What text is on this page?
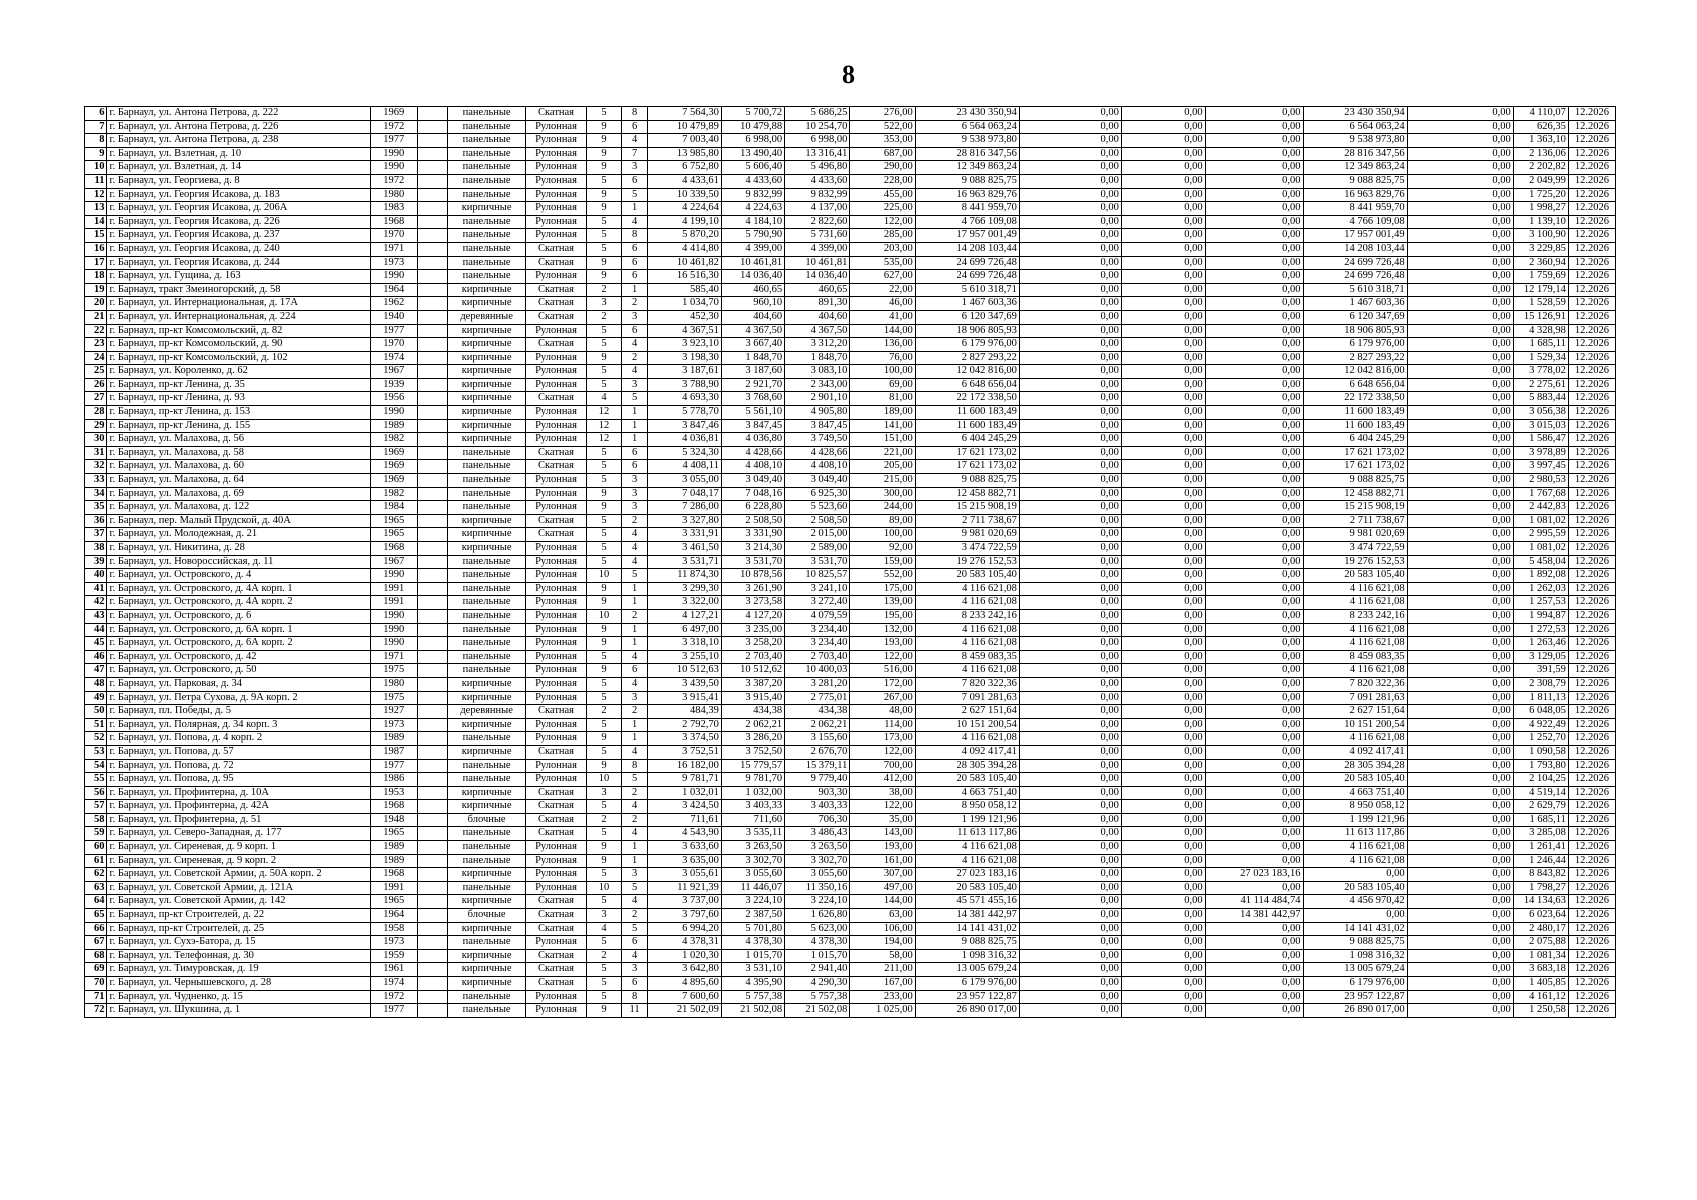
8
6	г. Барнаул, ул. Антона Петрова, д. 222	1969		панельные	Скатная	5	8	7 564,30	5 700,72	5 686,25	276,00	23 430 350,94	0,00	0,00	0,00	23 430 350,94	0,00	4 110,07	12.2026
7	г. Барнаул, ул. Антона Петрова, д. 226	1972		панельные	Рулонная	9	6	10 479,89	10 479,88	10 254,70	522,00	6 564 063,24	0,00	0,00	0,00	6 564 063,24	0,00	626,35	12.2026
8	г. Барнаул, ул. Антона Петрова, д. 238	1977		панельные	Рулонная	9	4	7 003,40	6 998,00	6 998,00	353,00	9 538 973,80	0,00	0,00	0,00	9 538 973,80	0,00	1 363,10	12.2026
9	г. Барнаул, ул. Взлетная, д. 10	1990		панельные	Рулонная	9	7	13 985,80	13 490,40	13 316,41	687,00	28 816 347,56	0,00	0,00	0,00	28 816 347,56	0,00	2 136,06	12.2026
10	г. Барнаул, ул. Взлетная, д. 14	1990		панельные	Рулонная	9	3	6 752,80	5 606,40	5 496,80	290,00	12 349 863,24	0,00	0,00	0,00	12 349 863,24	0,00	2 202,82	12.2026
11	г. Барнаул, ул. Георгиева, д. 8	1972		панельные	Рулонная	5	6	4 433,61	4 433,60	4 433,60	228,00	9 088 825,75	0,00	0,00	0,00	9 088 825,75	0,00	2 049,99	12.2026
12	г. Барнаул, ул. Георгия Исакова, д. 183	1980		панельные	Рулонная	9	5	10 339,50	9 832,99	9 832,99	455,00	16 963 829,76	0,00	0,00	0,00	16 963 829,76	0,00	1 725,20	12.2026
13	г. Барнаул, ул. Георгия Исакова, д. 206А	1983		кирпичные	Рулонная	9	1	4 224,64	4 224,63	4 137,00	225,00	8 441 959,70	0,00	0,00	0,00	8 441 959,70	0,00	1 998,27	12.2026
14	г. Барнаул, ул. Георгия Исакова, д. 226	1968		панельные	Рулонная	5	4	4 199,10	4 184,10	2 822,60	122,00	4 766 109,08	0,00	0,00	0,00	4 766 109,08	0,00	1 139,10	12.2026
15	г. Барнаул, ул. Георгия Исакова, д. 237	1970		панельные	Рулонная	5	8	5 870,20	5 790,90	5 731,60	285,00	17 957 001,49	0,00	0,00	0,00	17 957 001,49	0,00	3 100,90	12.2026
16	г. Барнаул, ул. Георгия Исакова, д. 240	1971		панельные	Скатная	5	6	4 414,80	4 399,00	4 399,00	203,00	14 208 103,44	0,00	0,00	0,00	14 208 103,44	0,00	3 229,85	12.2026
17	г. Барнаул, ул. Георгия Исакова, д. 244	1973		панельные	Скатная	9	6	10 461,82	10 461,81	10 461,81	535,00	24 699 726,48	0,00	0,00	0,00	24 699 726,48	0,00	2 360,94	12.2026
18	г. Барнаул, ул. Гущина, д. 163	1990		панельные	Рулонная	9	6	16 516,30	14 036,40	14 036,40	627,00	24 699 726,48	0,00	0,00	0,00	24 699 726,48	0,00	1 759,69	12.2026
19	г. Барнаул, тракт Змеиногорский, д. 58	1964		кирпичные	Скатная	2	1	585,40	460,65	460,65	22,00	5 610 318,71	0,00	0,00	0,00	5 610 318,71	0,00	12 179,14	12.2026
20	г. Барнаул, ул. Интернациональная, д. 17А	1962		кирпичные	Скатная	3	2	1 034,70	960,10	891,30	46,00	1 467 603,36	0,00	0,00	0,00	1 467 603,36	0,00	1 528,59	12.2026
21	г. Барнаул, ул. Интернациональная, д. 224	1940		деревянные	Скатная	2	3	452,30	404,60	404,60	41,00	6 120 347,69	0,00	0,00	0,00	6 120 347,69	0,00	15 126,91	12.2026
22	г. Барнаул, пр-кт Комсомольский, д. 82	1977		кирпичные	Рулонная	5	6	4 367,51	4 367,50	4 367,50	144,00	18 906 805,93	0,00	0,00	0,00	18 906 805,93	0,00	4 328,98	12.2026
23	г. Барнаул, пр-кт Комсомольский, д. 90	1970		кирпичные	Скатная	5	4	3 923,10	3 667,40	3 312,20	136,00	6 179 976,00	0,00	0,00	0,00	6 179 976,00	0,00	1 685,11	12.2026
24	г. Барнаул, пр-кт Комсомольский, д. 102	1974		кирпичные	Рулонная	9	2	3 198,30	1 848,70	1 848,70	76,00	2 827 293,22	0,00	0,00	0,00	2 827 293,22	0,00	1 529,34	12.2026
25	г. Барнаул, ул. Короленко, д. 62	1967		кирпичные	Рулонная	5	4	3 187,61	3 187,60	3 083,10	100,00	12 042 816,00	0,00	0,00	0,00	12 042 816,00	0,00	3 778,02	12.2026
26	г. Барнаул, пр-кт Ленина, д. 35	1939		кирпичные	Рулонная	5	3	3 788,90	2 921,70	2 343,00	69,00	6 648 656,04	0,00	0,00	0,00	6 648 656,04	0,00	2 275,61	12.2026
27	г. Барнаул, пр-кт Ленина, д. 93	1956		кирпичные	Скатная	4	5	4 693,30	3 768,60	2 901,10	81,00	22 172 338,50	0,00	0,00	0,00	22 172 338,50	0,00	5 883,44	12.2026
28	г. Барнаул, пр-кт Ленина, д. 153	1990		кирпичные	Рулонная	12	1	5 778,70	5 561,10	4 905,80	189,00	11 600 183,49	0,00	0,00	0,00	11 600 183,49	0,00	3 056,38	12.2026
29	г. Барнаул, пр-кт Ленина, д. 155	1989		кирпичные	Рулонная	12	1	3 847,46	3 847,45	3 847,45	141,00	11 600 183,49	0,00	0,00	0,00	11 600 183,49	0,00	3 015,03	12.2026
30	г. Барнаул, ул. Малахова, д. 56	1982		кирпичные	Рулонная	12	1	4 036,81	4 036,80	3 749,50	151,00	6 404 245,29	0,00	0,00	0,00	6 404 245,29	0,00	1 586,47	12.2026
31	г. Барнаул, ул. Малахова, д. 58	1969		панельные	Скатная	5	6	5 324,30	4 428,66	4 428,66	221,00	17 621 173,02	0,00	0,00	0,00	17 621 173,02	0,00	3 978,89	12.2026
32	г. Барнаул, ул. Малахова, д. 60	1969		панельные	Скатная	5	6	4 408,11	4 408,10	4 408,10	205,00	17 621 173,02	0,00	0,00	0,00	17 621 173,02	0,00	3 997,45	12.2026
33	г. Барнаул, ул. Малахова, д. 64	1969		панельные	Рулонная	5	3	3 055,00	3 049,40	3 049,40	215,00	9 088 825,75	0,00	0,00	0,00	9 088 825,75	0,00	2 980,53	12.2026
34	г. Барнаул, ул. Малахова, д. 69	1982		панельные	Рулонная	9	3	7 048,17	7 048,16	6 925,30	300,00	12 458 882,71	0,00	0,00	0,00	12 458 882,71	0,00	1 767,68	12.2026
35	г. Барнаул, ул. Малахова, д. 122	1984		панельные	Рулонная	9	3	7 286,00	6 228,80	5 523,60	244,00	15 215 908,19	0,00	0,00	0,00	15 215 908,19	0,00	2 442,83	12.2026
36	г. Барнаул, пер. Малый Прудской, д. 40А	1965		кирпичные	Скатная	5	2	3 327,80	2 508,50	2 508,50	89,00	2 711 738,67	0,00	0,00	0,00	2 711 738,67	0,00	1 081,02	12.2026
37	г. Барнаул, ул. Молодежная, д. 21	1965		кирпичные	Скатная	5	4	3 331,91	3 331,90	2 015,00	100,00	9 981 020,69	0,00	0,00	0,00	9 981 020,69	0,00	2 995,59	12.2026
38	г. Барнаул, ул. Никитина, д. 28	1968		кирпичные	Рулонная	5	4	3 461,50	3 214,30	2 589,00	92,00	3 474 722,59	0,00	0,00	0,00	3 474 722,59	0,00	1 081,02	12.2026
39	г. Барнаул, ул. Новороссийская, д. 11	1967		панельные	Рулонная	5	4	3 531,71	3 531,70	3 531,70	159,00	19 276 152,53	0,00	0,00	0,00	19 276 152,53	0,00	5 458,04	12.2026
40	г. Барнаул, ул. Островского, д. 4	1990		панельные	Рулонная	10	5	11 874,30	10 878,56	10 825,57	552,00	20 583 105,40	0,00	0,00	0,00	20 583 105,40	0,00	1 892,08	12.2026
41	г. Барнаул, ул. Островского, д. 4А корп. 1	1991		панельные	Рулонная	9	1	3 299,30	3 261,90	3 241,10	175,00	4 116 621,08	0,00	0,00	0,00	4 116 621,08	0,00	1 262,03	12.2026
42	г. Барнаул, ул. Островского, д. 4А корп. 2	1991		панельные	Рулонная	9	1	3 322,00	3 273,58	3 272,40	139,00	4 116 621,08	0,00	0,00	0,00	4 116 621,08	0,00	1 257,53	12.2026
43	г. Барнаул, ул. Островского, д. 6	1990		панельные	Рулонная	10	2	4 127,21	4 127,20	4 079,59	195,00	8 233 242,16	0,00	0,00	0,00	8 233 242,16	0,00	1 994,87	12.2026
44	г. Барнаул, ул. Островского, д. 6А корп. 1	1990		панельные	Рулонная	9	1	6 497,00	3 235,00	3 234,40	132,00	4 116 621,08	0,00	0,00	0,00	4 116 621,08	0,00	1 272,53	12.2026
45	г. Барнаул, ул. Островского, д. 6А корп. 2	1990		панельные	Рулонная	9	1	3 318,10	3 258,20	3 234,40	193,00	4 116 621,08	0,00	0,00	0,00	4 116 621,08	0,00	1 263,46	12.2026
46	г. Барнаул, ул. Островского, д. 42	1971		панельные	Рулонная	5	4	3 255,10	2 703,40	2 703,40	122,00	8 459 083,35	0,00	0,00	0,00	8 459 083,35	0,00	3 129,05	12.2026
47	г. Барнаул, ул. Островского, д. 50	1975		панельные	Рулонная	9	6	10 512,63	10 512,62	10 400,03	516,00	4 116 621,08	0,00	0,00	0,00	4 116 621,08	0,00	391,59	12.2026
48	г. Барнаул, ул. Парковая, д. 34	1980		кирпичные	Рулонная	5	4	3 439,50	3 387,20	3 281,20	172,00	7 820 322,36	0,00	0,00	0,00	7 820 322,36	0,00	2 308,79	12.2026
49	г. Барнаул, ул. Петра Сухова, д. 9А корп. 2	1975		кирпичные	Рулонная	5	3	3 915,41	3 915,40	2 775,01	267,00	7 091 281,63	0,00	0,00	0,00	7 091 281,63	0,00	1 811,13	12.2026
50	г. Барнаул, пл. Победы, д. 5	1927		деревянные	Скатная	2	2	484,39	434,38	434,38	48,00	2 627 151,64	0,00	0,00	0,00	2 627 151,64	0,00	6 048,05	12.2026
51	г. Барнаул, ул. Полярная, д. 34 корп. 3	1973		кирпичные	Рулонная	5	1	2 792,70	2 062,21	2 062,21	114,00	10 151 200,54	0,00	0,00	0,00	10 151 200,54	0,00	4 922,49	12.2026
52	г. Барнаул, ул. Попова, д. 4 корп. 2	1989		панельные	Рулонная	9	1	3 374,50	3 286,20	3 155,60	173,00	4 116 621,08	0,00	0,00	0,00	4 116 621,08	0,00	1 252,70	12.2026
53	г. Барнаул, ул. Попова, д. 57	1987		кирпичные	Скатная	5	4	3 752,51	3 752,50	2 676,70	122,00	4 092 417,41	0,00	0,00	0,00	4 092 417,41	0,00	1 090,58	12.2026
54	г. Барнаул, ул. Попова, д. 72	1977		панельные	Рулонная	9	8	16 182,00	15 779,57	15 379,11	700,00	28 305 394,28	0,00	0,00	0,00	28 305 394,28	0,00	1 793,80	12.2026
55	г. Барнаул, ул. Попова, д. 95	1986		панельные	Рулонная	10	5	9 781,71	9 781,70	9 779,40	412,00	20 583 105,40	0,00	0,00	0,00	20 583 105,40	0,00	2 104,25	12.2026
56	г. Барнаул, ул. Профинтерна, д. 10А	1953		кирпичные	Скатная	3	2	1 032,01	1 032,00	903,30	38,00	4 663 751,40	0,00	0,00	0,00	4 663 751,40	0,00	4 519,14	12.2026
57	г. Барнаул, ул. Профинтерна, д. 42А	1968		кирпичные	Скатная	5	4	3 424,50	3 403,33	3 403,33	122,00	8 950 058,12	0,00	0,00	0,00	8 950 058,12	0,00	2 629,79	12.2026
58	г. Барнаул, ул. Профинтерна, д. 51	1948		блочные	Скатная	2	2	711,61	711,60	706,30	35,00	1 199 121,96	0,00	0,00	0,00	1 199 121,96	0,00	1 685,11	12.2026
59	г. Барнаул, ул. Северо-Западная, д. 177	1965		панельные	Скатная	5	4	4 543,90	3 535,11	3 486,43	143,00	11 613 117,86	0,00	0,00	0,00	11 613 117,86	0,00	3 285,08	12.2026
60	г. Барнаул, ул. Сиреневая, д. 9 корп. 1	1989		панельные	Рулонная	9	1	3 633,60	3 263,50	3 263,50	193,00	4 116 621,08	0,00	0,00	0,00	4 116 621,08	0,00	1 261,41	12.2026
61	г. Барнаул, ул. Сиреневая, д. 9 корп. 2	1989		панельные	Рулонная	9	1	3 635,00	3 302,70	3 302,70	161,00	4 116 621,08	0,00	0,00	0,00	4 116 621,08	0,00	1 246,44	12.2026
62	г. Барнаул, ул. Советской Армии, д. 50А корп. 2	1968		кирпичные	Рулонная	5	3	3 055,61	3 055,60	3 055,60	307,00	27 023 183,16	0,00	0,00	27 023 183,16	0,00	0,00	8 843,82	12.2026
63	г. Барнаул, ул. Советской Армии, д. 121А	1991		панельные	Рулонная	10	5	11 921,39	11 446,07	11 350,16	497,00	20 583 105,40	0,00	0,00	0,00	20 583 105,40	0,00	1 798,27	12.2026
64	г. Барнаул, ул. Советской Армии, д. 142	1965		кирпичные	Скатная	5	4	3 737,00	3 224,10	3 224,10	144,00	45 571 455,16	0,00	0,00	41 114 484,74	4 456 970,42	0,00	14 134,63	12.2026
65	г. Барнаул, пр-кт Строителей, д. 22	1964		блочные	Скатная	3	2	3 797,60	2 387,50	1 626,80	63,00	14 381 442,97	0,00	0,00	14 381 442,97	0,00	0,00	6 023,64	12.2026
66	г. Барнаул, пр-кт Строителей, д. 25	1958		кирпичные	Скатная	4	5	6 994,20	5 701,80	5 623,00	106,00	14 141 431,02	0,00	0,00	0,00	14 141 431,02	0,00	2 480,17	12.2026
67	г. Барнаул, ул. Сухэ-Батора, д. 15	1973		панельные	Рулонная	5	6	4 378,31	4 378,30	4 378,30	194,00	9 088 825,75	0,00	0,00	0,00	9 088 825,75	0,00	2 075,88	12.2026
68	г. Барнаул, ул. Телефонная, д. 30	1959		кирпичные	Скатная	2	4	1 020,30	1 015,70	1 015,70	58,00	1 098 316,32	0,00	0,00	0,00	1 098 316,32	0,00	1 081,34	12.2026
69	г. Барнаул, ул. Тимуровская, д. 19	1961		кирпичные	Скатная	5	3	3 642,80	3 531,10	2 941,40	211,00	13 005 679,24	0,00	0,00	0,00	13 005 679,24	0,00	3 683,18	12.2026
70	г. Барнаул, ул. Чернышевского, д. 28	1974		кирпичные	Скатная	5	6	4 895,60	4 395,90	4 290,30	167,00	6 179 976,00	0,00	0,00	0,00	6 179 976,00	0,00	1 405,85	12.2026
71	г. Барнаул, ул. Чудненко, д. 15	1972		панельные	Рулонная	5	8	7 600,60	5 757,38	5 757,38	233,00	23 957 122,87	0,00	0,00	0,00	23 957 122,87	0,00	4 161,12	12.2026
72	г. Барнаул, ул. Шукшина, д. 1	1977		панельные	Рулонная	9	11	21 502,09	21 502,08	21 502,08	1 025,00	26 890 017,00	0,00	0,00	0,00	26 890 017,00	0,00	1 250,58	12.2026
